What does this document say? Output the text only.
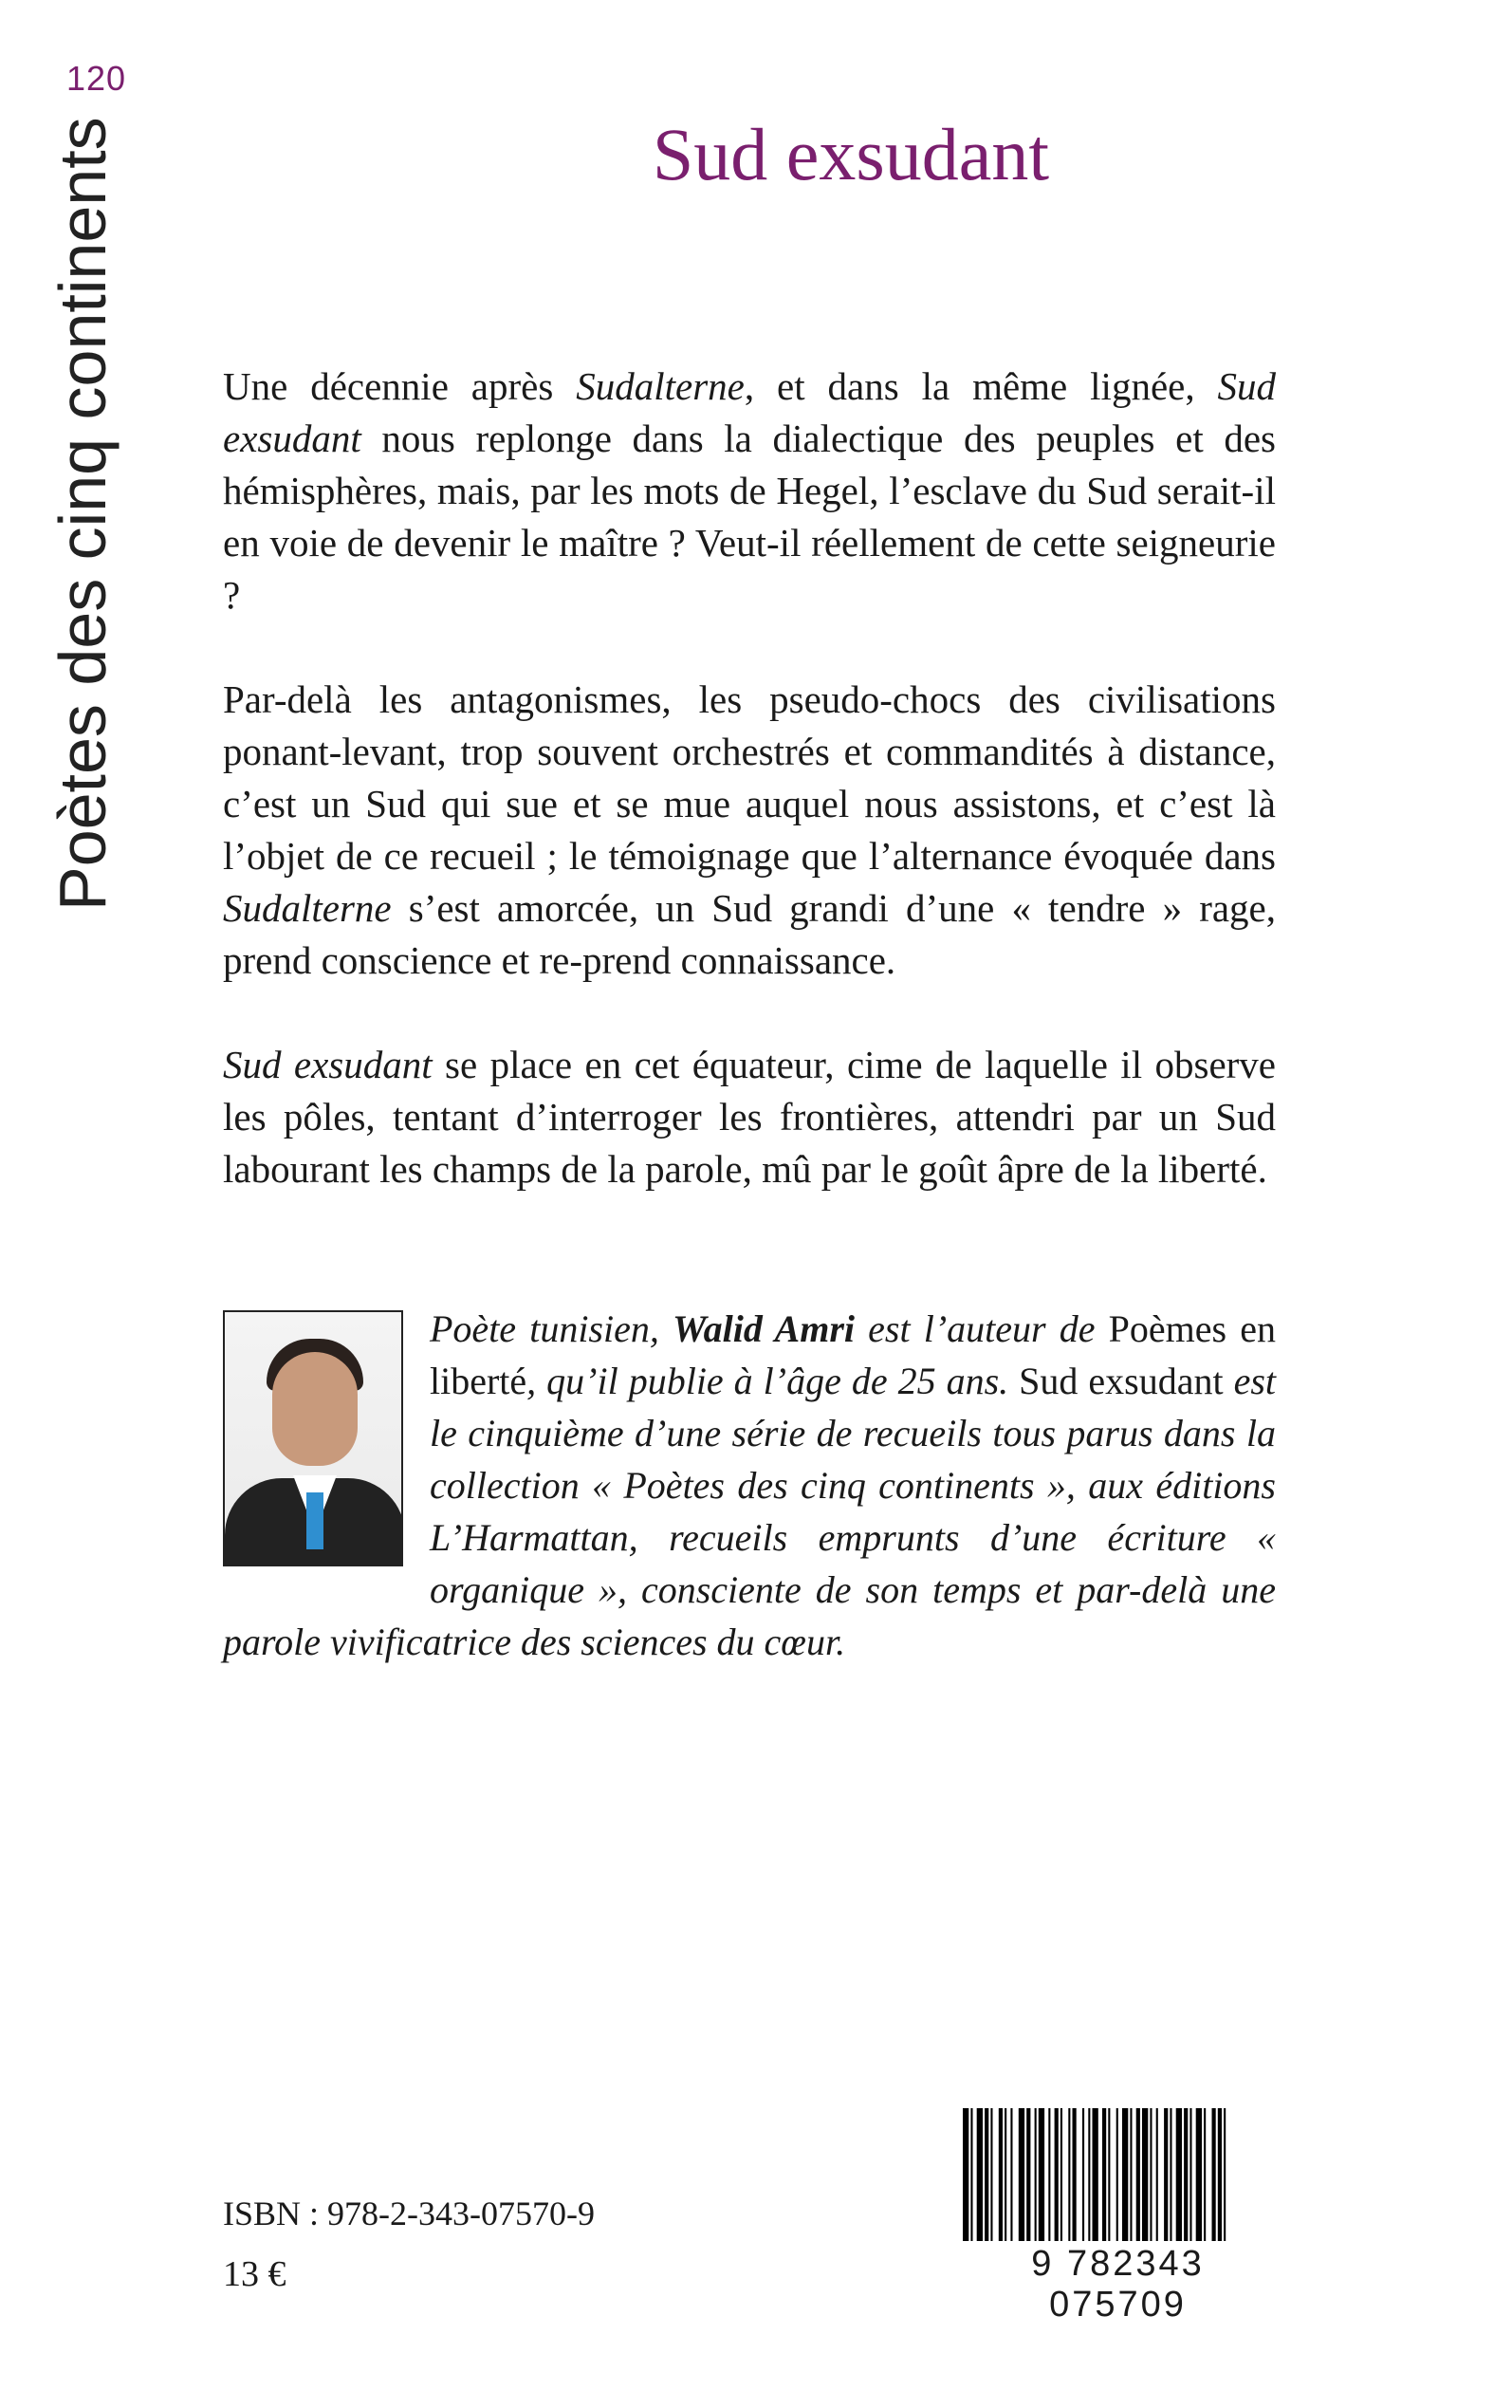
120
Poètes des cinq continents	Sud exsudant

Une décennie après Sudalterne, et dans la même lignée, Sud exsudant nous replonge dans la dialectique des peuples et des hémisphères, mais, par les mots de Hegel, l’esclave du Sud serait-il en voie de devenir le maître ? Veut-il réellement de cette seigneurie ?

Par-delà les antagonismes, les pseudo-chocs des civilisations ponant-levant, trop souvent orchestrés et commandités à distance, c’est un Sud qui sue et se mue auquel nous assistons, et c’est là l’objet de ce recueil ; le témoignage que l’alternance évoquée dans Sudalterne s’est amorcée, un Sud grandi d’une « tendre » rage, prend conscience et re-prend connaissance.

Sud exsudant se place en cet équateur, cime de laquelle il observe les pôles, tentant d’interroger les frontières, attendri par un Sud labourant les champs de la parole, mû par le goût âpre de la liberté.

Poète tunisien, Walid Amri est l’auteur de Poèmes en liberté, qu’il publie à l’âge de 25 ans. Sud exsudant est le cinquième d’une série de recueils tous parus dans la collection « Poètes des cinq continents », aux éditions L’Harmattan, recueils emprunts d’une écriture « organique », consciente de son temps et par-delà une parole vivificatrice des sciences du cœur.
ISBN : 978-2-343-07570-9
13 €	9 782343 075709
